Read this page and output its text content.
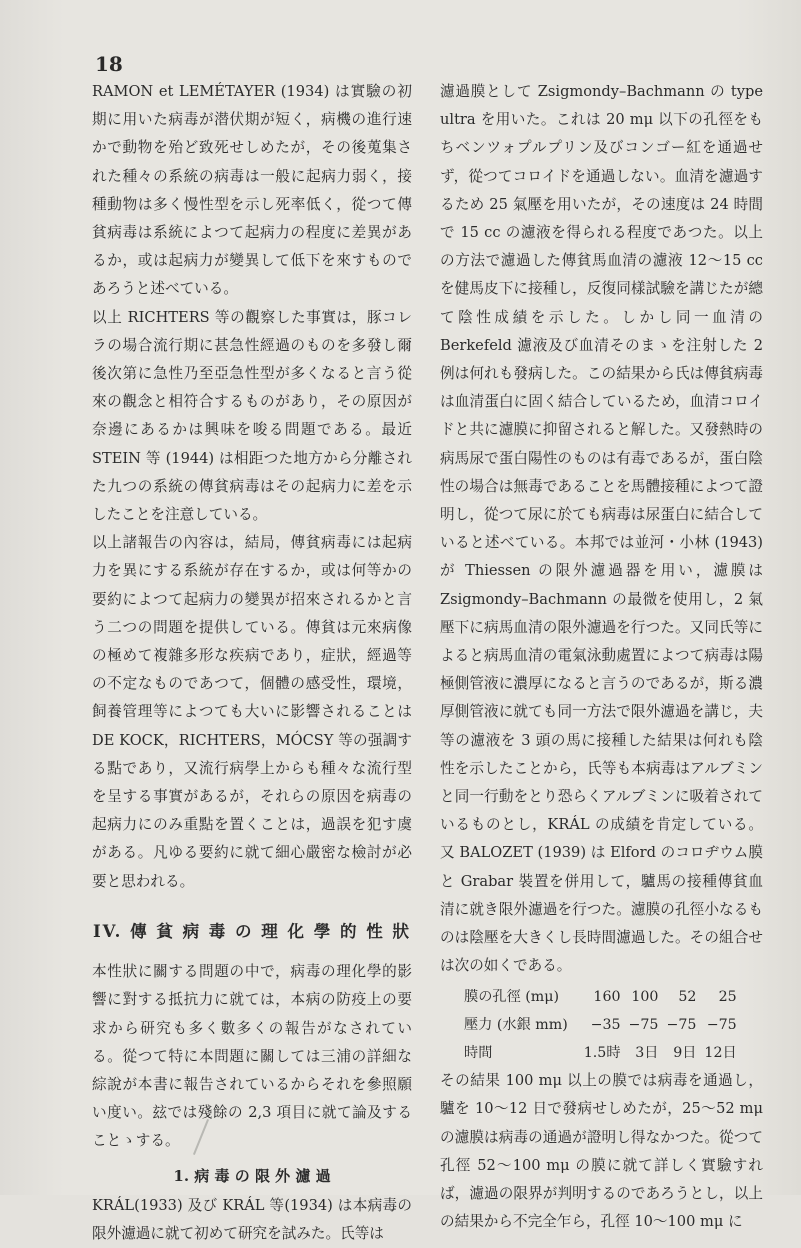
18

RAMON et LEMÉTAYER (1934) は實驗の初期に用いた病毒が潜伏期が短く，病機の進行速かで動物を殆ど致死せしめたが，その後蒐集された種々の系統の病毒は一般に起病力弱く，接種動物は多く慢性型を示し死率低く，從つて傳貧病毒は系統によつて起病力の程度に差異があるか，或は起病力が變異して低下を來すものであろうと述べている。

以上 RICHTERS 等の觀察した事實は，豚コレラの場合流行期に甚急性經過のものを多發し爾後次第に急性乃至亞急性型が多くなると言う從來の觀念と相符合するものがあり，その原因が奈邊にあるかは興味を唆る問題である。最近 STEIN 等 (1944) は相距つた地方から分離された九つの系統の傳貧病毒はその起病力に差を示したことを注意している。

以上諸報告の內容は，結局，傳貧病毒には起病力を異にする系統が存在するか，或は何等かの要約によつて起病力の變異が招來されるかと言う二つの問題を提供している。傳貧は元來病像の極めて複雜多形な疾病であり，症狀，經過等の不定なものであつて，個體の感受性，環境，飼養管理等によつても大いに影響されることは DE KOCK，RICHTERS，MÓCSY 等の强調する點であり，又流行病學上からも種々な流行型を呈する事實があるが，それらの原因を病毒の起病力にのみ重點を置くことは，過誤を犯す虞がある。凡ゆる要約に就て細心嚴密な檢討が必要と思われる。

IV. 傳 貧 病 毒 の 理 化 學 的 性 狀

本性狀に關する問題の中で，病毒の理化學的影響に對する抵抗力に就ては，本病の防疫上の要求から研究も多く數多くの報告がなされている。從つて特に本問題に關しては三浦の詳細な綜說が本書に報告されているからそれを參照願い度い。玆では殘餘の 2,3 項目に就て論及することゝする。

1. 病 毒 の 限 外 濾 過

KRÁL(1933) 及び KRÁL 等(1934) は本病毒の限外濾過に就て初めて研究を試みた。氏等は

濾過膜として Zsigmondy–Bachmann の type ultra を用いた。これは 20 mμ 以下の孔徑をもちベンツォプルプリン及びコンゴー紅を通過せず，從つてコロイドを通過しない。血清を濾過するため 25 氣壓を用いたが，その速度は 24 時間で 15 cc の濾液を得られる程度であつた。以上の方法で濾過した傳貧馬血清の濾液 12〜15 cc を健馬皮下に接種し，反復同樣試驗を講じたが總て陰性成績を示した。しかし同一血清の Berkefeld 濾液及び血清そのまゝを注射した 2 例は何れも發病した。この結果から氏は傳貧病毒は血清蛋白に固く結合しているため，血清コロイドと共に濾膜に抑留されると解した。又發熱時の病馬尿で蛋白陽性のものは有毒であるが，蛋白陰性の場合は無毒であることを馬體接種によつて證明し，從つて尿に於ても病毒は尿蛋白に結合していると述べている。本邦では並河・小林 (1943) が Thiessen の限外濾過器を用い，濾膜は Zsigmondy–Bachmann の最微を使用し，2 氣壓下に病馬血清の限外濾過を行つた。又同氏等によると病馬血清の電氣泳動處置によつて病毒は陽極側管液に濃厚になると言うのであるが，斯る濃厚側管液に就ても同一方法で限外濾過を講じ，夫等の濾液を 3 頭の馬に接種した結果は何れも陰性を示したことから，氏等も本病毒はアルブミンと同一行動をとり恐らくアルブミンに吸着されているものとし，KRÁL の成績を肯定している。又 BALOZET (1939) は Elford のコロヂウム膜と Grabar 裝置を併用して，驢馬の接種傳貧血清に就き限外濾過を行つた。濾膜の孔徑小なるものは陰壓を大きくし長時間濾過した。その組合せは次の如くである。

膜の孔徑 (mμ)	160	100	52	25
壓力 (水銀 mm)	−35	−75	−75	−75
時間	1.5時	3日	9日	12日

その結果 100 mμ 以上の膜では病毒を通過し，驢を 10〜12 日で發病せしめたが，25〜52 mμ の濾膜は病毒の通過が證明し得なかつた。從つて孔徑 52〜100 mμ の膜に就て詳しく實驗すれば，濾過の限界が判明するのであろうとし，以上の結果から不完全乍ら，孔徑 10〜100 mμ に
